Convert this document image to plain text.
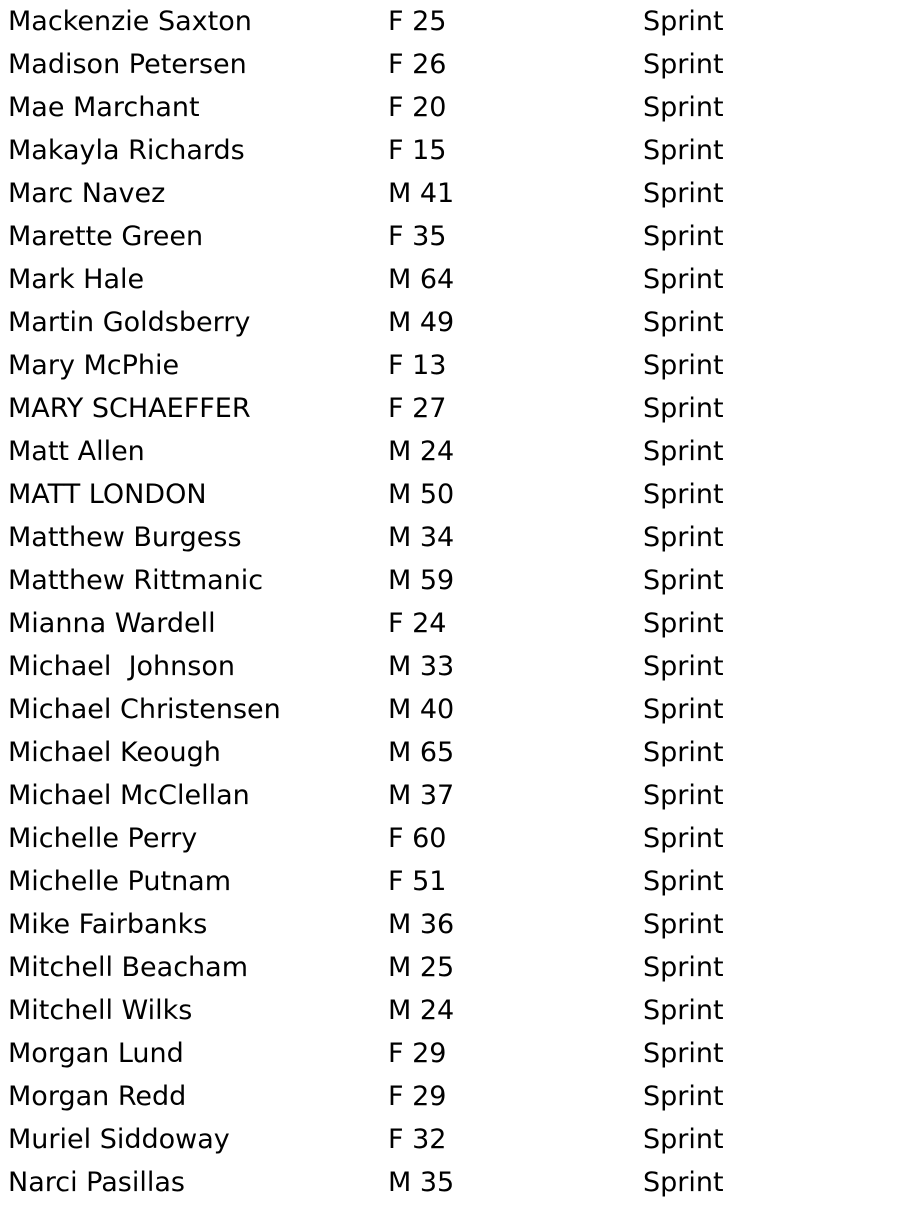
Mackenzie Saxton	F 25	Sprint
Madison Petersen	F 26	Sprint
Mae Marchant	F 20	Sprint
Makayla Richards	F 15	Sprint
Marc Navez	M 41	Sprint
Marette Green	F 35	Sprint
Mark Hale	M 64	Sprint
Martin Goldsberry	M 49	Sprint
Mary McPhie	F 13	Sprint
MARY SCHAEFFER	F 27	Sprint
Matt Allen	M 24	Sprint
MATT LONDON	M 50	Sprint
Matthew Burgess	M 34	Sprint
Matthew Rittmanic	M 59	Sprint
Mianna Wardell	F 24	Sprint
Michael  Johnson	M 33	Sprint
Michael Christensen	M 40	Sprint
Michael Keough	M 65	Sprint
Michael McClellan	M 37	Sprint
Michelle Perry	F 60	Sprint
Michelle Putnam	F 51	Sprint
Mike Fairbanks	M 36	Sprint
Mitchell Beacham	M 25	Sprint
Mitchell Wilks	M 24	Sprint
Morgan Lund	F 29	Sprint
Morgan Redd	F 29	Sprint
Muriel Siddoway	F 32	Sprint
Narci Pasillas	M 35	Sprint
